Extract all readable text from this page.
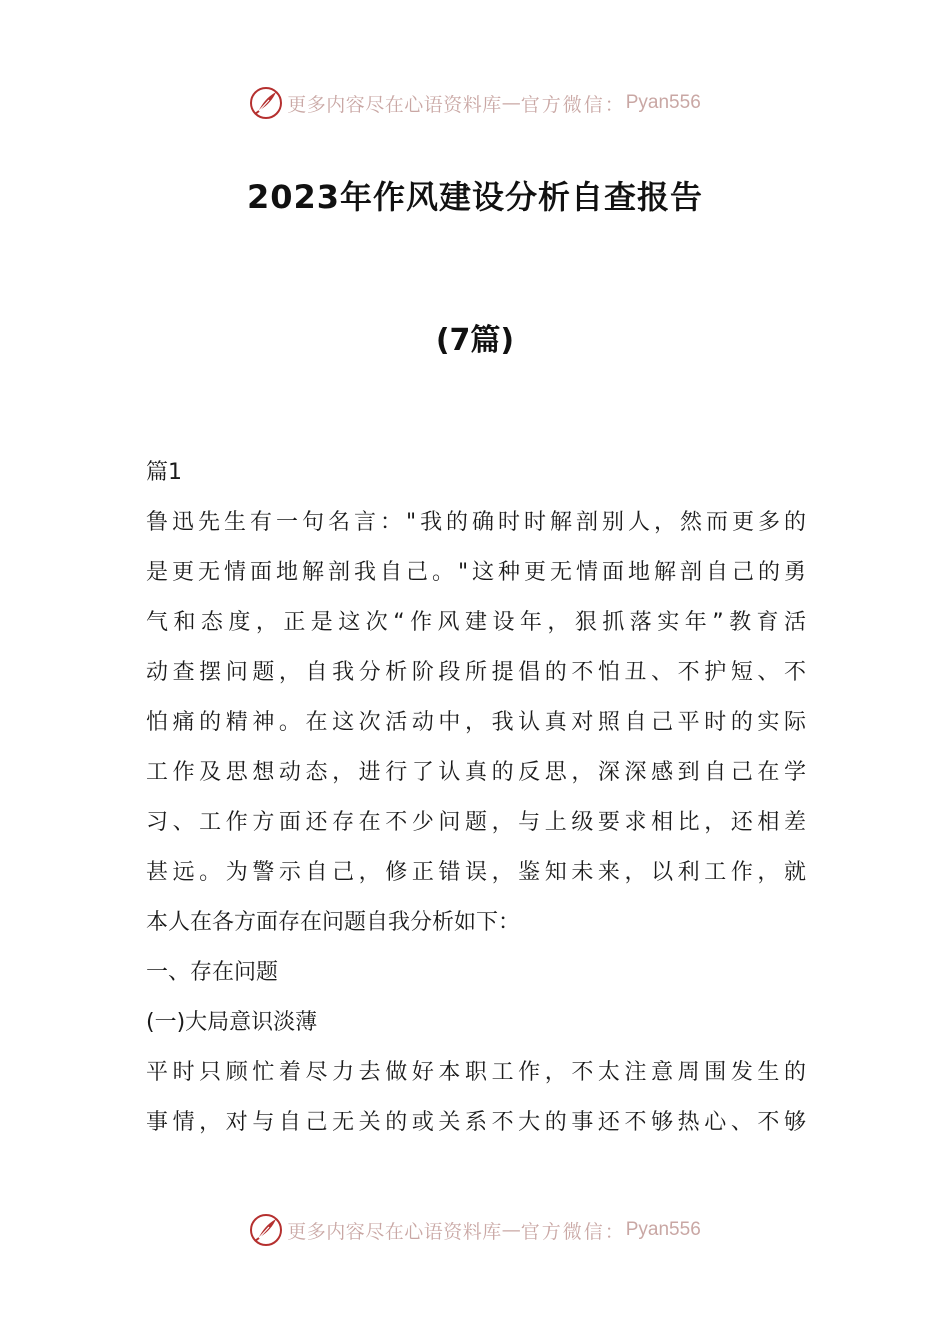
更多内容尽在心语资料库 — 官方微信： Pyan556
2023年作风建设分析自查报告
(7篇)
篇1
鲁迅先生有一句名言："我的确时时解剖别人，然而更多的
是更无情面地解剖我自己。"这种更无情面地解剖自己的勇
气和态度，正是这次“作风建设年，狠抓落实年”教育活
动查摆问题，自我分析阶段所提倡的不怕丑、不护短、不
怕痛的精神。在这次活动中，我认真对照自己平时的实际
工作及思想动态，进行了认真的反思，深深感到自己在学
习、工作方面还存在不少问题，与上级要求相比，还相差
甚远。为警示自己，修正错误，鉴知未来，以利工作，就
本人在各方面存在问题自我分析如下：
一、存在问题
(一)大局意识淡薄
平时只顾忙着尽力去做好本职工作，不太注意周围发生的
事情，对与自己无关的或关系不大的事还不够热心、不够
更多内容尽在心语资料库 — 官方微信： Pyan556
